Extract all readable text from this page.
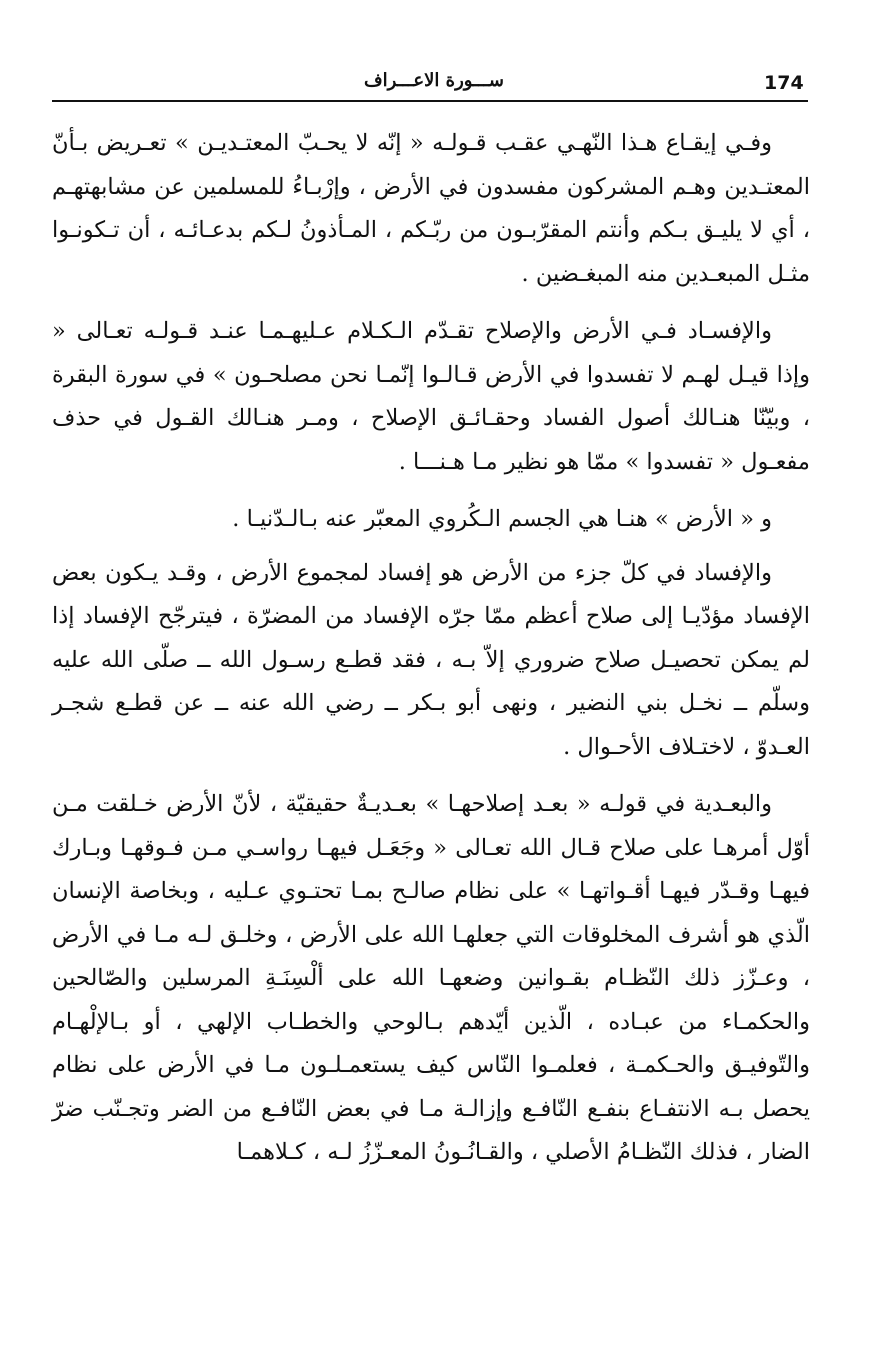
174
ســـورة الاعـــراف

وفـي إيقـاع هـذا النّهـي عقـب قـولـه « إنّه لا يحـبّ المعتـديـن » تعـريض بـأنّ المعتـدين وهـم المشركون مفسدون في الأرض ، وإرْبـاءُ للمسلمين عن مشابهتهـم ، أي لا يليـق بـكم وأنتم المقرّبـون من ربّـكم ، المـأذونُ لـكم بدعـائـه ، أن تـكونـوا مثـل المبعـدين منه المبغـضين .

والإفسـاد فـي الأرض والإصلاح تقـدّم الـكـلام عـليهـمـا عنـد قـولـه تعـالى « وإذا قيـل لهـم لا تفسدوا في الأرض قـالـوا إنّمـا نحن مصلحـون » في سورة البقرة ، وبيّنّا هنـالك أصول الفساد وحقـائـق الإصلاح ، ومـر هنـالك القـول في حذف مفعـول « تفسدوا » ممّا هو نظير مـا هـنـــا .

و « الأرض » هنـا هي الجسم الـكُروي المعبّر عنه بـالـدّنيـا .

والإفساد في كلّ جزء من الأرض هو إفساد لمجموع الأرض ، وقـد يـكون بعض الإفساد مؤدّيـا إلى صلاح أعظم ممّا جرّه الإفساد من المضرّة ، فيترجّح الإفساد إذا لم يمكن تحصيـل صلاح ضروري إلاّ بـه ، فقد قطـع رسـول الله ــ صلّى الله عليه وسلّم ــ نخـل بني النضير ، ونهى أبو بـكر ــ رضي الله عنه ــ عن قطـع شجـر العـدوّ ، لاختـلاف الأحـوال .

والبعـدية في قولـه « بعـد إصلاحهـا » بعـديـةٌ حقيقيّة ، لأنّ الأرض خـلقت مـن أوّل أمرهـا على صلاح قـال الله تعـالى « وجَعَـل فيهـا رواسـي مـن فـوقهـا وبـارك فيهـا وقـدّر فيهـا أقـواتهـا » على نظام صالـح بمـا تحتـوي عـليه ، وبخاصة الإنسان الّذي هو أشرف المخلوقات التي جعلهـا الله على الأرض ، وخلـق لـه مـا في الأرض ، وعـزّز ذلك النّظـام بقـوانين وضعهـا الله على ألْسِنَـةِ المرسلين والصّالحين والحكمـاء من عبـاده ، الّذين أيّدهم بـالوحي والخطـاب الإلهي ، أو بـالإلْهـام والتّوفيـق والحـكمـة ، فعلمـوا النّاس كيف يستعمـلـون مـا في الأرض على نظام يحصل بـه الانتفـاع بنفـع النّافـع وإزالـة مـا في بعض النّافـع من الضر وتجـنّب ضرّ الضار ، فذلك النّظـامُ الأصلي ، والقـانُـونُ المعـزّزُ لـه ، كـلاهمـا
